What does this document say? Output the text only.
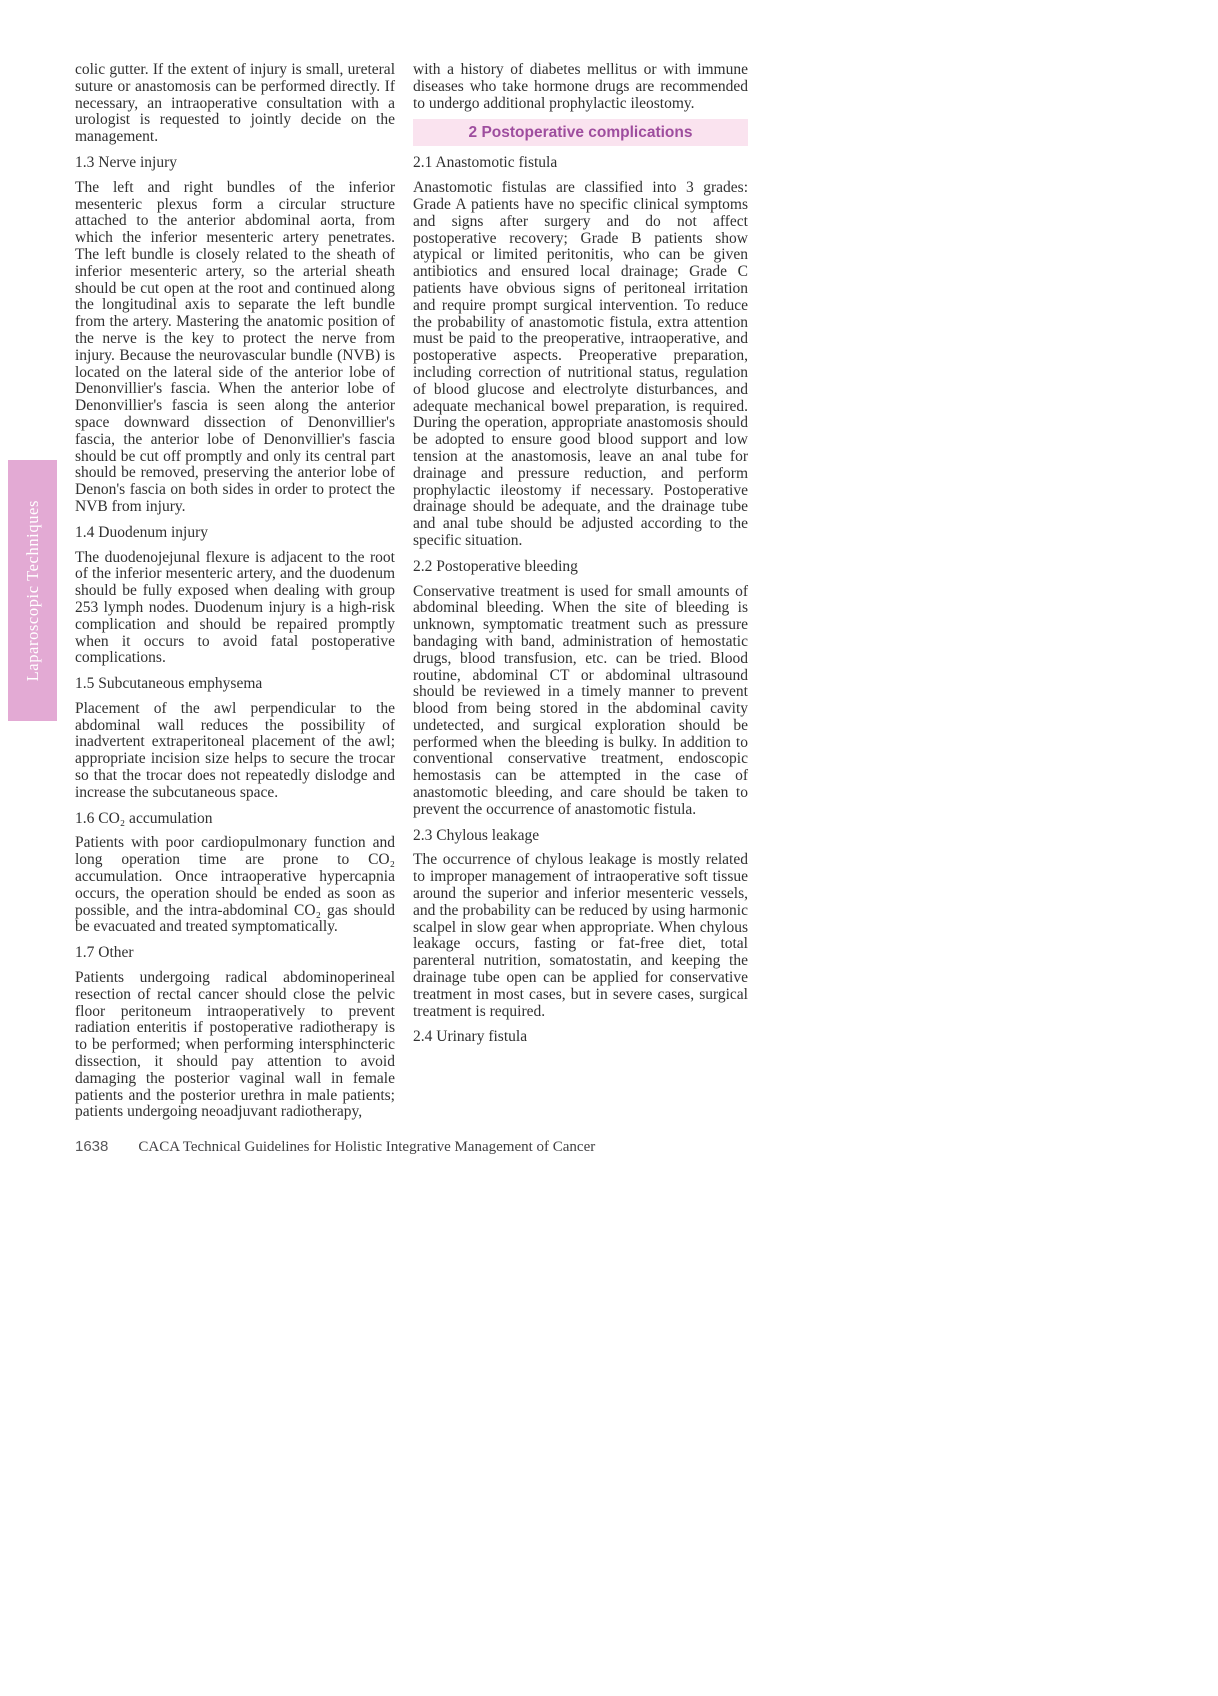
Laparoscopic Techniques

colic gutter. If the extent of injury is small, ureteral suture or anastomosis can be performed directly. If necessary, an intraoperative consultation with a urologist is requested to jointly decide on the management.

1.3 Nerve injury

The left and right bundles of the inferior mesenteric plexus form a circular structure attached to the anterior abdominal aorta, from which the inferior mesenteric artery penetrates. The left bundle is closely related to the sheath of inferior mesenteric artery, so the arterial sheath should be cut open at the root and continued along the longitudinal axis to separate the left bundle from the artery. Mastering the anatomic position of the nerve is the key to protect the nerve from injury. Because the neurovascular bundle (NVB) is located on the lateral side of the anterior lobe of Denonvillier's fascia. When the anterior lobe of Denonvillier's fascia is seen along the anterior space downward dissection of Denonvillier's fascia, the anterior lobe of Denonvillier's fascia should be cut off promptly and only its central part should be removed, preserving the anterior lobe of Denon's fascia on both sides in order to protect the NVB from injury.

1.4 Duodenum injury

The duodenojejunal flexure is adjacent to the root of the inferior mesenteric artery, and the duodenum should be fully exposed when dealing with group 253 lymph nodes. Duodenum injury is a high-risk complication and should be repaired promptly when it occurs to avoid fatal postoperative complications.

1.5 Subcutaneous emphysema

Placement of the awl perpendicular to the abdominal wall reduces the possibility of inadvertent extraperitoneal placement of the awl; appropriate incision size helps to secure the trocar so that the trocar does not repeatedly dislodge and increase the subcutaneous space.

1.6 CO₂ accumulation

Patients with poor cardiopulmonary function and long operation time are prone to CO₂ accumulation. Once intraoperative hypercapnia occurs, the operation should be ended as soon as possible, and the intra-abdominal CO₂ gas should be evacuated and treated symptomatically.

1.7 Other

Patients undergoing radical abdominoperineal resection of rectal cancer should close the pelvic floor peritoneum intraoperatively to prevent radiation enteritis if postoperative radiotherapy is to be performed; when performing intersphincteric dissection, it should pay attention to avoid damaging the posterior vaginal wall in female patients and the posterior urethra in male patients; patients undergoing neoadjuvant radiotherapy,

with a history of diabetes mellitus or with immune diseases who take hormone drugs are recommended to undergo additional prophylactic ileostomy.

2 Postoperative complications
2.1 Anastomotic fistula

Anastomotic fistulas are classified into 3 grades: Grade A patients have no specific clinical symptoms and signs after surgery and do not affect postoperative recovery; Grade B patients show atypical or limited peritonitis, who can be given antibiotics and ensured local drainage; Grade C patients have obvious signs of peritoneal irritation and require prompt surgical intervention. To reduce the probability of anastomotic fistula, extra attention must be paid to the preoperative, intraoperative, and postoperative aspects. Preoperative preparation, including correction of nutritional status, regulation of blood glucose and electrolyte disturbances, and adequate mechanical bowel preparation, is required. During the operation, appropriate anastomosis should be adopted to ensure good blood support and low tension at the anastomosis, leave an anal tube for drainage and pressure reduction, and perform prophylactic ileostomy if necessary. Postoperative drainage should be adequate, and the drainage tube and anal tube should be adjusted according to the specific situation.

2.2 Postoperative bleeding

Conservative treatment is used for small amounts of abdominal bleeding. When the site of bleeding is unknown, symptomatic treatment such as pressure bandaging with band, administration of hemostatic drugs, blood transfusion, etc. can be tried. Blood routine, abdominal CT or abdominal ultrasound should be reviewed in a timely manner to prevent blood from being stored in the abdominal cavity undetected, and surgical exploration should be performed when the bleeding is bulky. In addition to conventional conservative treatment, endoscopic hemostasis can be attempted in the case of anastomotic bleeding, and care should be taken to prevent the occurrence of anastomotic fistula.

2.3 Chylous leakage

The occurrence of chylous leakage is mostly related to improper management of intraoperative soft tissue around the superior and inferior mesenteric vessels, and the probability can be reduced by using harmonic scalpel in slow gear when appropriate. When chylous leakage occurs, fasting or fat-free diet, total parenteral nutrition, somatostatin, and keeping the drainage tube open can be applied for conservative treatment in most cases, but in severe cases, surgical treatment is required.

2.4 Urinary fistula
1638 CACA Technical Guidelines for Holistic Integrative Management of Cancer
